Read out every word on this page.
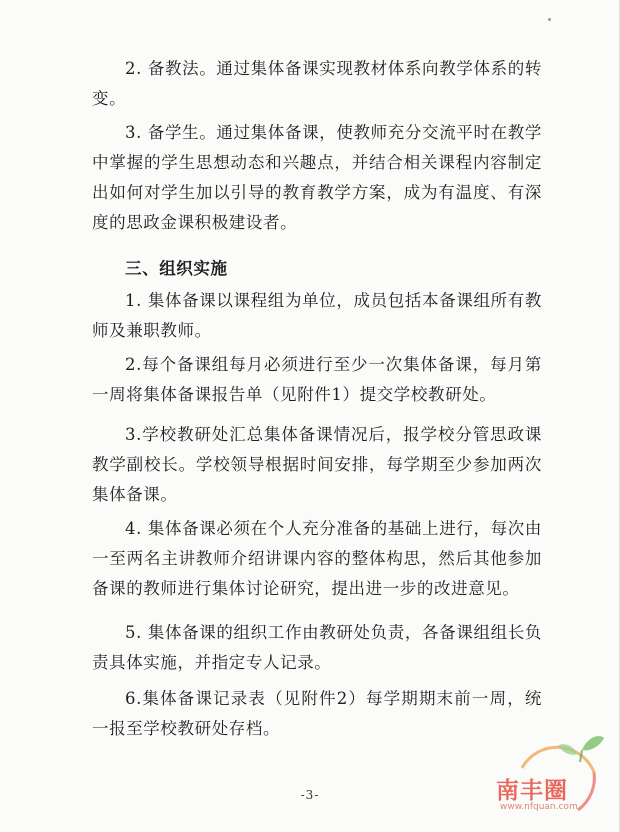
2. 备教法。通过集体备课实现教材体系向教学体系的转变。

3. 备学生。通过集体备课，使教师充分交流平时在教学中掌握的学生思想动态和兴趣点，并结合相关课程内容制定出如何对学生加以引导的教育教学方案，成为有温度、有深度的思政金课积极建设者。

三、组织实施

1. 集体备课以课程组为单位，成员包括本备课组所有教师及兼职教师。

2.每个备课组每月必须进行至少一次集体备课，每月第一周将集体备课报告单（见附件1）提交学校教研处。

3.学校教研处汇总集体备课情况后，报学校分管思政课教学副校长。学校领导根据时间安排，每学期至少参加两次集体备课。

4. 集体备课必须在个人充分准备的基础上进行，每次由一至两名主讲教师介绍讲课内容的整体构思，然后其他参加备课的教师进行集体讨论研究，提出进一步的改进意见。

5. 集体备课的组织工作由教研处负责，各备课组组长负责具体实施，并指定专人记录。

6.集体备课记录表（见附件2）每学期期末前一周，统一报至学校教研处存档。

-3-	南丰圈
www.nfquan.com
